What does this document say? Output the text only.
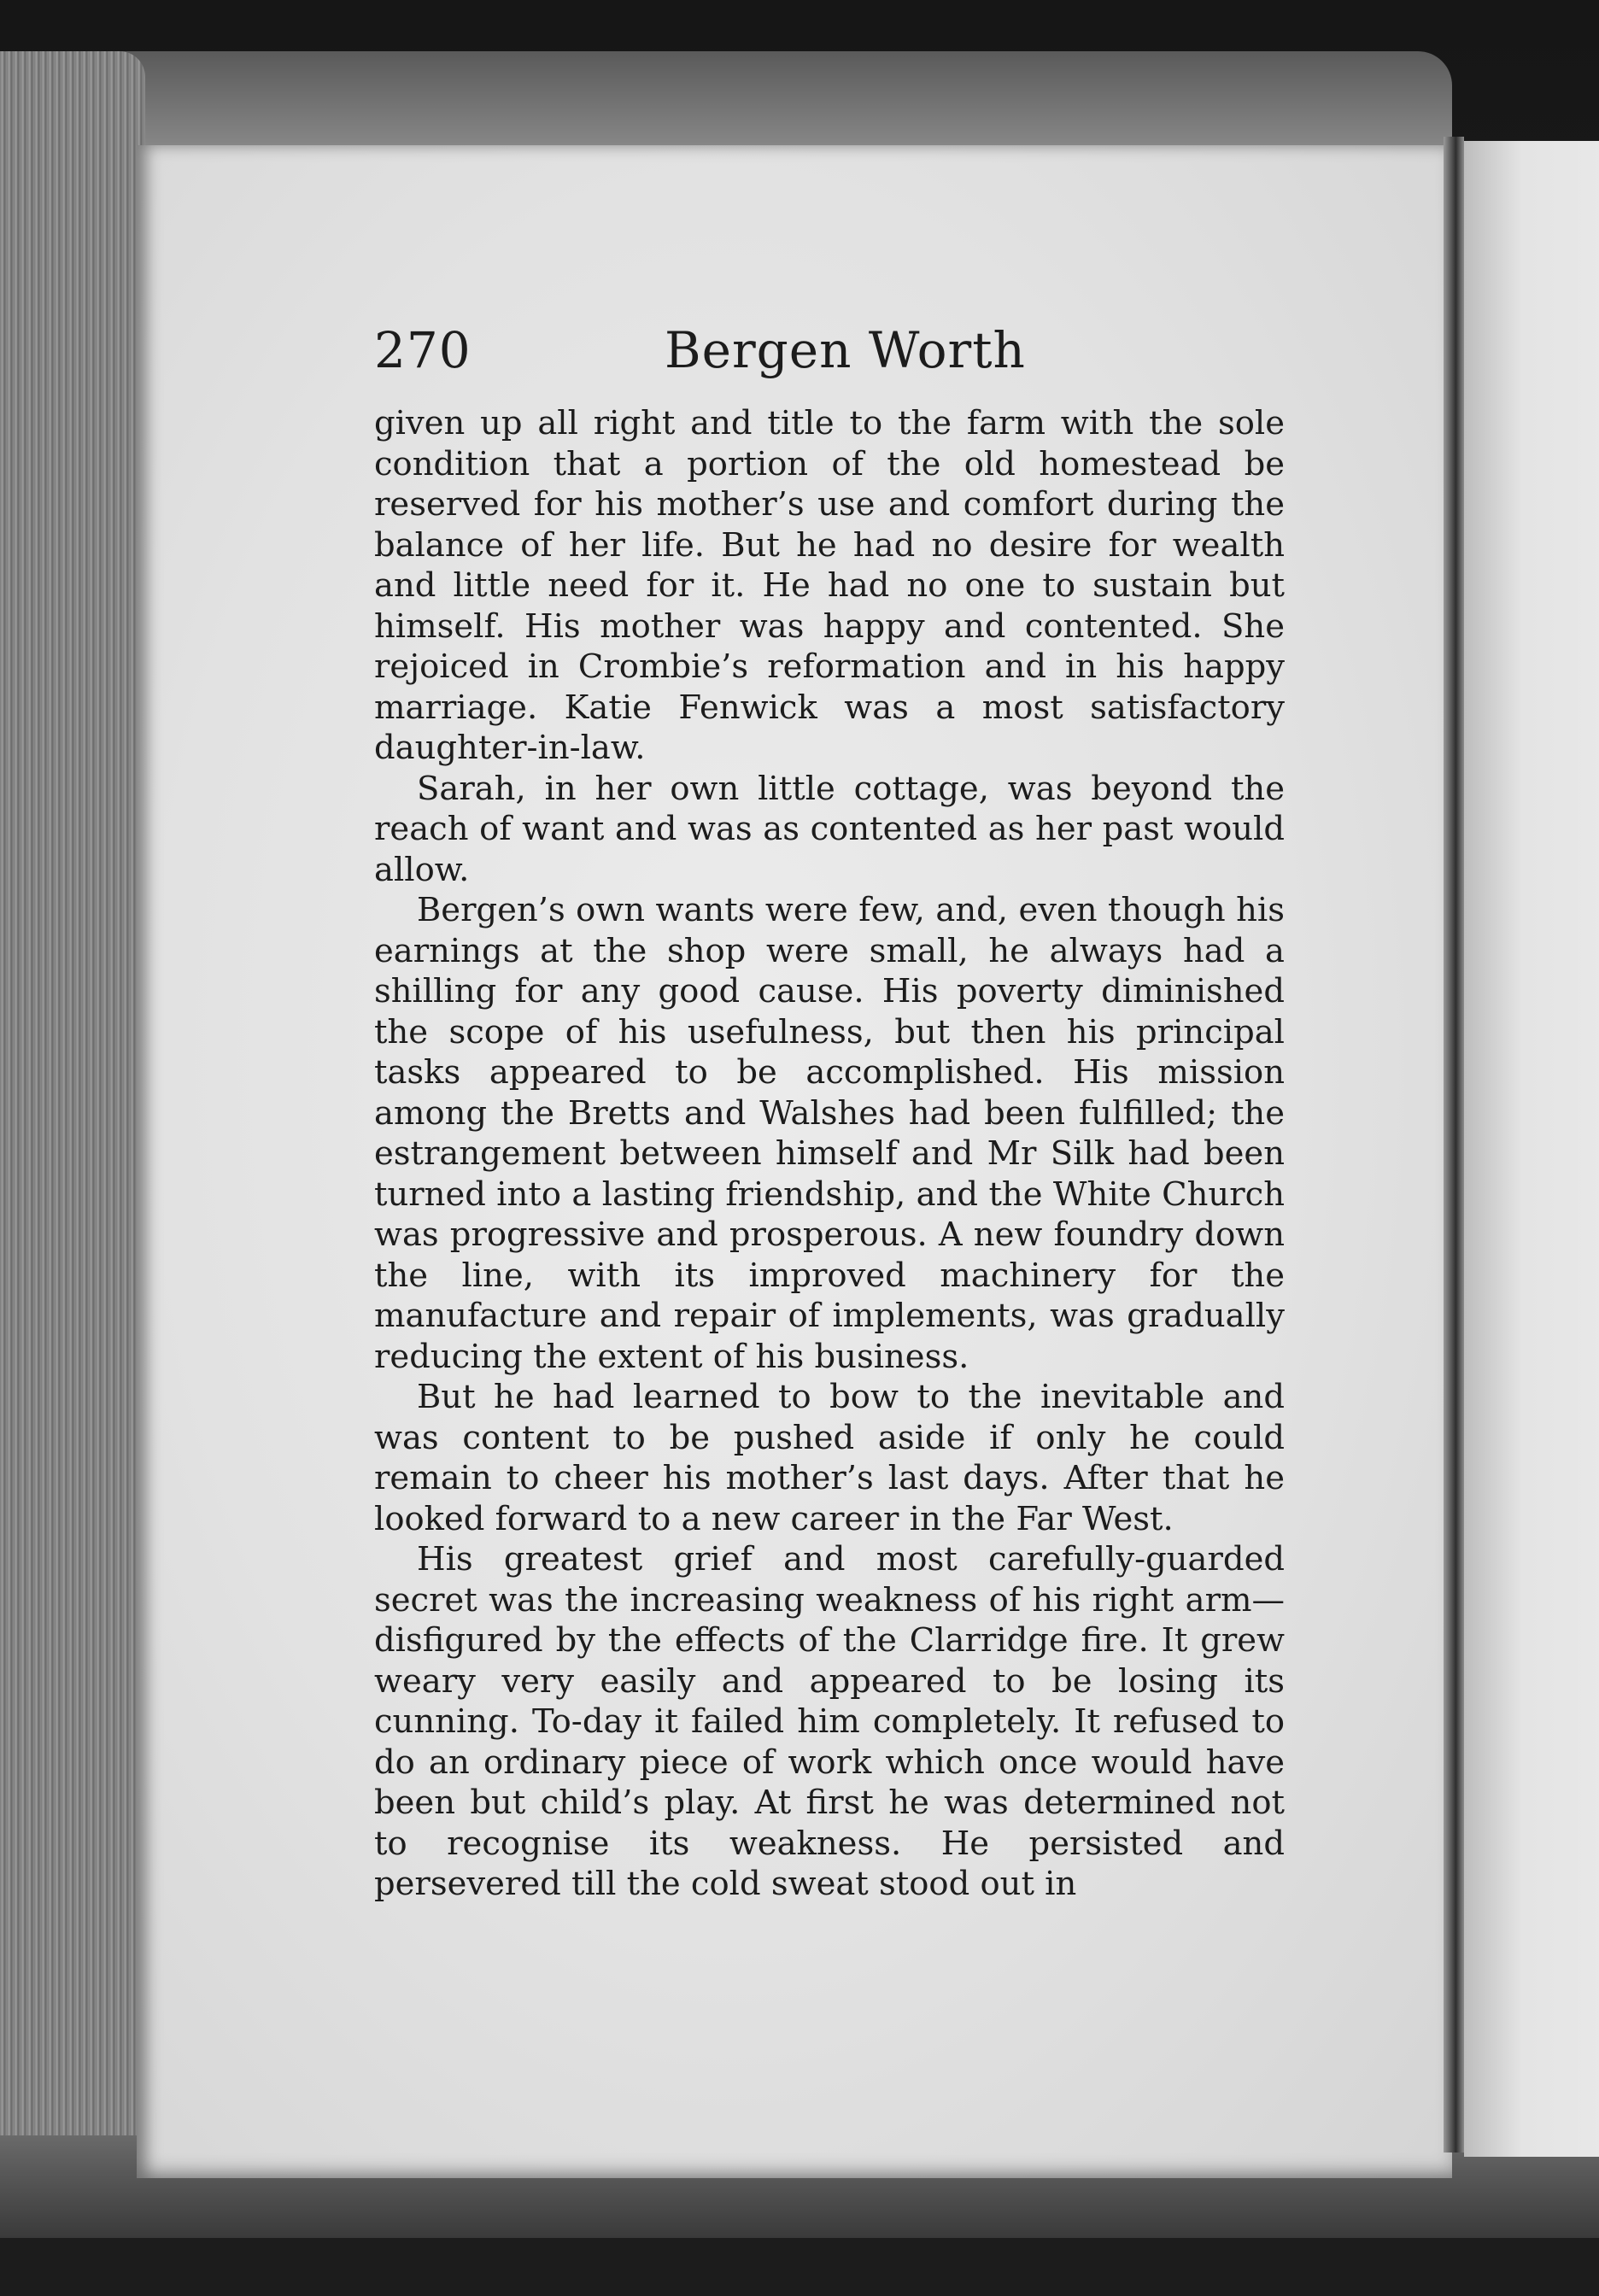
270	Bergen Worth

given up all right and title to the farm with the sole condition that a portion of the old homestead be reserved for his mother’s use and comfort during the balance of her life. But he had no desire for wealth and little need for it. He had no one to sustain but himself. His mother was happy and contented. She rejoiced in Crombie’s reformation and in his happy marriage. Katie Fenwick was a most satisfactory daughter-in-law.

Sarah, in her own little cottage, was beyond the reach of want and was as contented as her past would allow.

Bergen’s own wants were few, and, even though his earnings at the shop were small, he always had a shilling for any good cause. His poverty diminished the scope of his usefulness, but then his principal tasks appeared to be accomplished. His mission among the Bretts and Walshes had been fulfilled; the estrangement between himself and Mr Silk had been turned into a lasting friendship, and the White Church was progressive and prosperous. A new foundry down the line, with its improved machinery for the manufacture and repair of implements, was gradually reducing the extent of his business.

But he had learned to bow to the inevitable and was content to be pushed aside if only he could remain to cheer his mother’s last days. After that he looked forward to a new career in the Far West.

His greatest grief and most carefully-guarded secret was the increasing weakness of his right arm—disfigured by the effects of the Clarridge fire. It grew weary very easily and appeared to be losing its cunning. To-day it failed him completely. It refused to do an ordinary piece of work which once would have been but child’s play. At first he was determined not to recognise its weakness. He persisted and persevered till the cold sweat stood out in
